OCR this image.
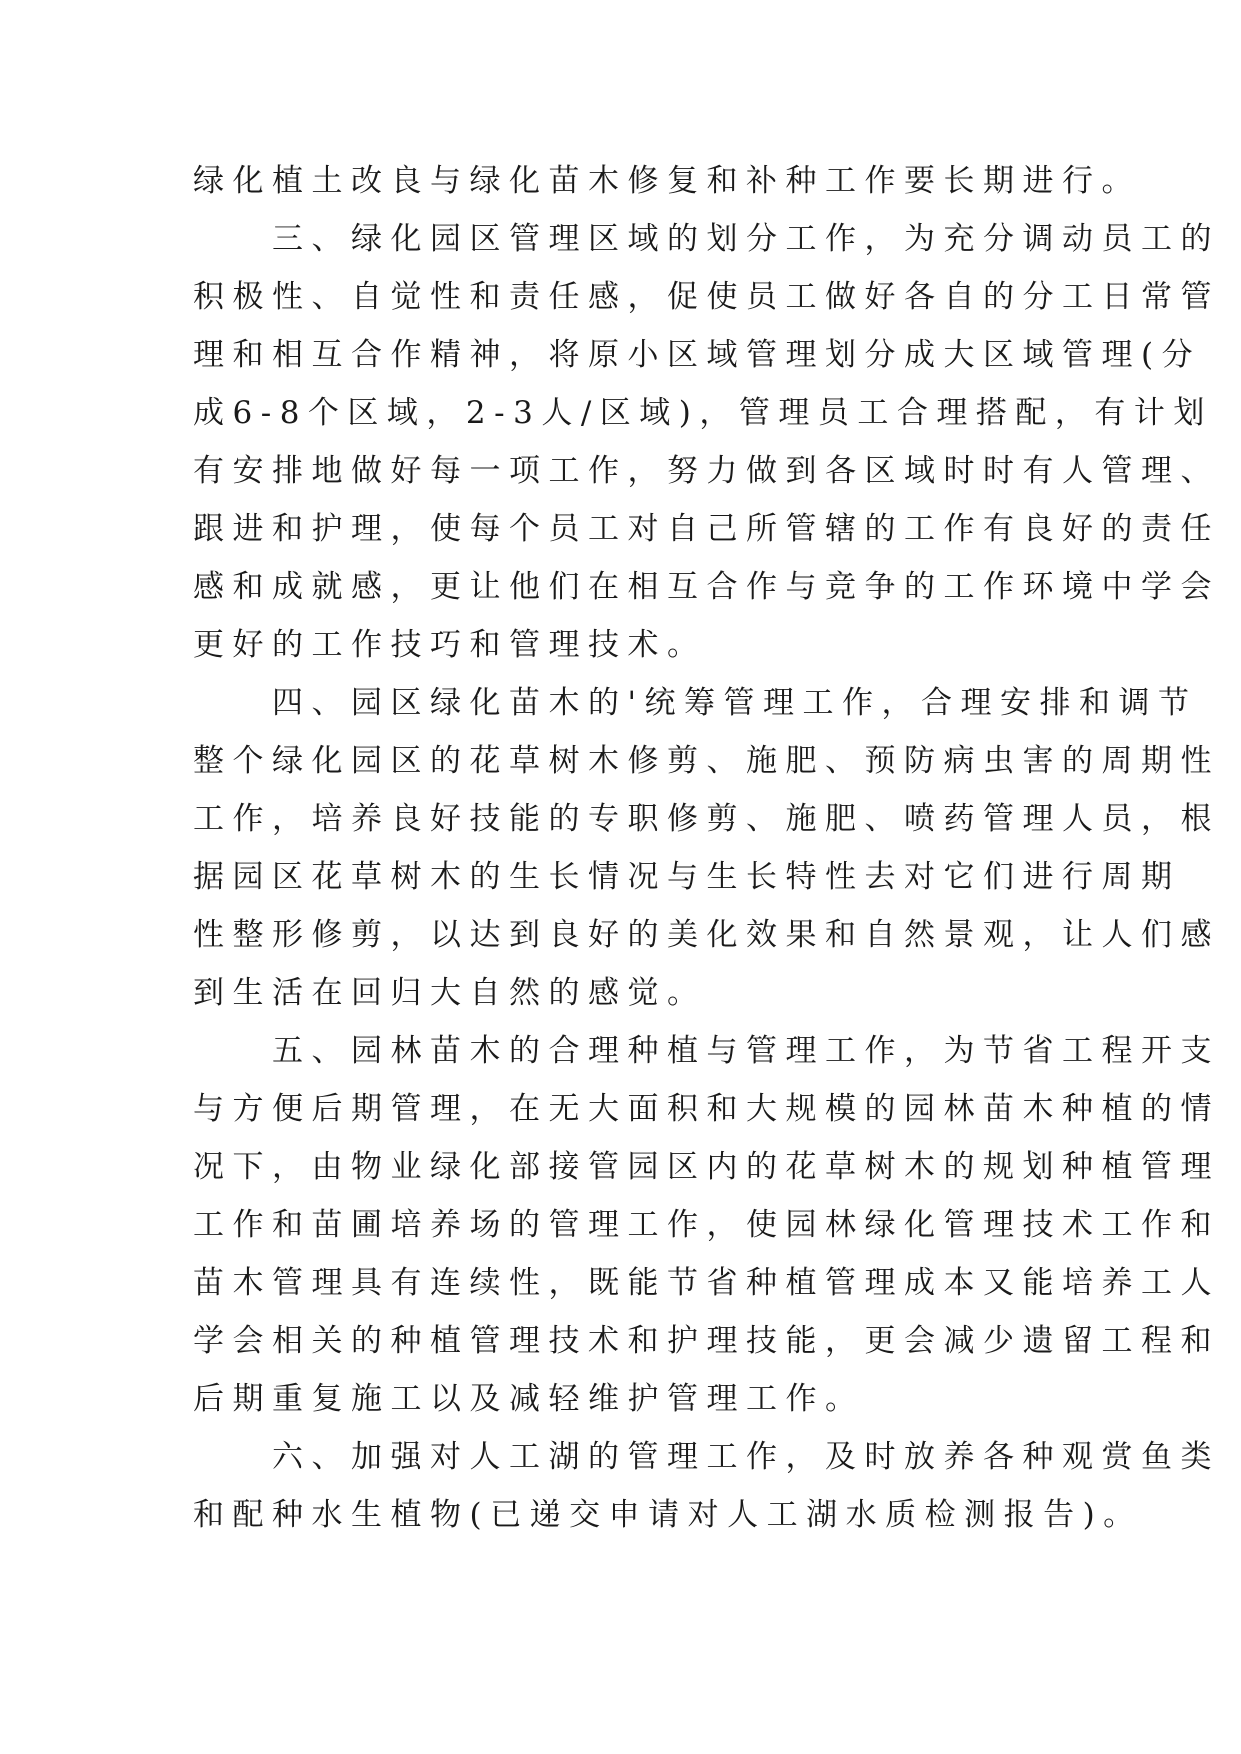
绿化植土改良与绿化苗木修复和补种工作要长期进行。
三、绿化园区管理区域的划分工作，为充分调动员工的
积极性、自觉性和责任感，促使员工做好各自的分工日常管
理和相互合作精神，将原小区域管理划分成大区域管理(分
成6-8个区域，2-3人/区域)，管理员工合理搭配，有计划
有安排地做好每一项工作，努力做到各区域时时有人管理、
跟进和护理，使每个员工对自己所管辖的工作有良好的责任
感和成就感，更让他们在相互合作与竞争的工作环境中学会
更好的工作技巧和管理技术。
四、园区绿化苗木的'统筹管理工作，合理安排和调节
整个绿化园区的花草树木修剪、施肥、预防病虫害的周期性
工作，培养良好技能的专职修剪、施肥、喷药管理人员，根
据园区花草树木的生长情况与生长特性去对它们进行周期
性整形修剪，以达到良好的美化效果和自然景观，让人们感
到生活在回归大自然的感觉。
五、园林苗木的合理种植与管理工作，为节省工程开支
与方便后期管理，在无大面积和大规模的园林苗木种植的情
况下，由物业绿化部接管园区内的花草树木的规划种植管理
工作和苗圃培养场的管理工作，使园林绿化管理技术工作和
苗木管理具有连续性，既能节省种植管理成本又能培养工人
学会相关的种植管理技术和护理技能，更会减少遗留工程和
后期重复施工以及减轻维护管理工作。
六、加强对人工湖的管理工作，及时放养各种观赏鱼类
和配种水生植物(已递交申请对人工湖水质检测报告)。
